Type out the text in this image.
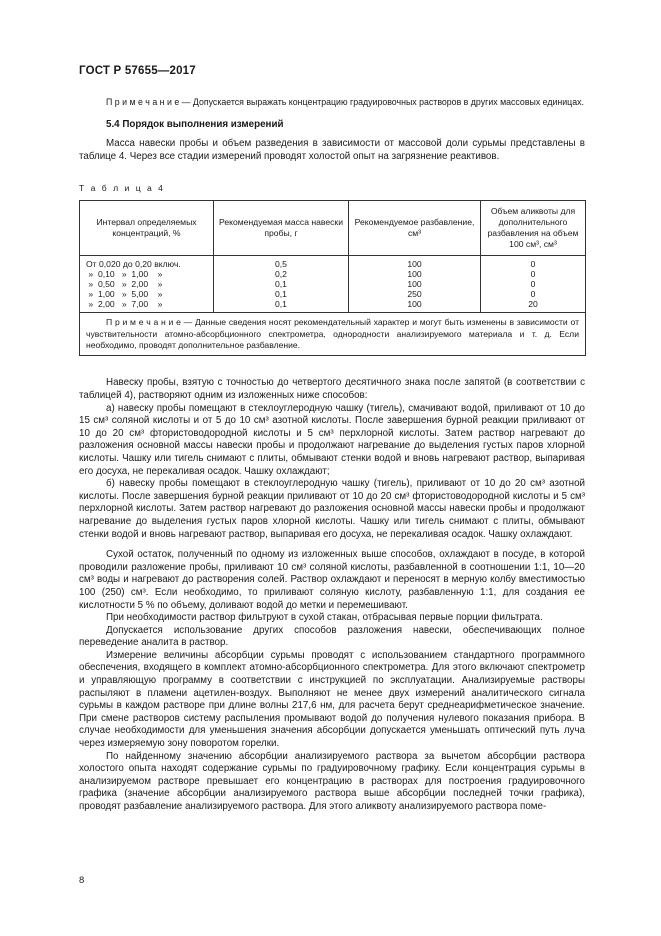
ГОСТ Р 57655—2017
П р и м е ч а н и е — Допускается выражать концентрацию градуировочных растворов в других массовых единицах.
5.4 Порядок выполнения измерений

Масса навески пробы и объем разведения в зависимости от массовой доли сурьмы представлены в таблице 4. Через все стадии измерений проводят холостой опыт на загрязнение реактивов.

Т а б л и ц а 4
Интервал определяемых концентраций, %	Рекомендуемая масса навески пробы, г	Рекомендуемое разбавление, см³	Объем аликвоты для дополнительного разбавления на объем 100 см³, см³
От 0,020 до 0,20 включ.	0,5	100	0
»  0,10   »  1,00    »	0,2	100	0
»  0,50   »  2,00    »	0,1	100	0
»  1,00   »  5,00    »	0,1	250	0
»  2,00   »  7,00    »	0,1	100	20
П р и м е ч а н и е — Данные сведения носят рекомендательный характер и могут быть изменены в зависимости от чувствительности атомно-абсорбционного спектрометра, однородности анализируемого материала и т. д. Если необходимо, проводят дополнительное разбавление.			

Навеску пробы, взятую с точностью до четвертого десятичного знака после запятой (в соответствии с таблицей 4), растворяют одним из изложенных ниже способов:

а) навеску пробы помещают в стеклоуглеродную чашку (тигель), смачивают водой, приливают от 10 до 15 см³ соляной кислоты и от 5 до 10 см³ азотной кислоты. После завершения бурной реакции приливают от 10 до 20 см³ фтористоводородной кислоты и 5 см³ перхлорной кислоты. Затем раствор нагревают до разложения основной массы навески пробы и продолжают нагревание до выделения густых паров хлорной кислоты. Чашку или тигель снимают с плиты, обмывают стенки водой и вновь нагревают раствор, выпаривая его досуха, не перекаливая осадок. Чашку охлаждают;

б) навеску пробы помещают в стеклоуглеродную чашку (тигель), приливают от 10 до 20 см³ азотной кислоты. После завершения бурной реакции приливают от 10 до 20 см³ фтористоводородной кислоты и 5 см³ перхлорной кислоты. Затем раствор нагревают до разложения основной массы навески пробы и продолжают нагревание до выделения густых паров хлорной кислоты. Чашку или тигель снимают с плиты, обмывают стенки водой и вновь нагревают раствор, выпаривая его досуха, не перекаливая осадок. Чашку охлаждают.

Сухой остаток, полученный по одному из изложенных выше способов, охлаждают в посуде, в которой проводили разложение пробы, приливают 10 см³ соляной кислоты, разбавленной в соотношении 1:1, 10—20 см³ воды и нагревают до растворения солей. Раствор охлаждают и переносят в мерную колбу вместимостью 100 (250) см³. Если необходимо, то приливают соляную кислоту, разбавленную 1:1, для создания ее кислотности 5 % по объему, доливают водой до метки и перемешивают.

При необходимости раствор фильтруют в сухой стакан, отбрасывая первые порции фильтрата.

Допускается использование других способов разложения навески, обеспечивающих полное переведение аналита в раствор.

Измерение величины абсорбции сурьмы проводят с использованием стандартного программного обеспечения, входящего в комплект атомно-абсорбционного спектрометра. Для этого включают спектрометр и управляющую программу в соответствии с инструкцией по эксплуатации. Анализируемые растворы распыляют в пламени ацетилен-воздух. Выполняют не менее двух измерений аналитического сигнала сурьмы в каждом растворе при длине волны 217,6 нм, для расчета берут среднеарифметическое значение. При смене растворов систему распыления промывают водой до получения нулевого показания прибора. В случае необходимости для уменьшения значения абсорбции допускается уменьшать оптический путь луча через измеряемую зону поворотом горелки.

По найденному значению абсорбции анализируемого раствора за вычетом абсорбции раствора холостого опыта находят содержание сурьмы по градуировочному графику. Если концентрация сурьмы в анализируемом растворе превышает его концентрацию в растворах для построения градуировочного графика (значение абсорбции анализируемого раствора выше абсорбции последней точки графика), проводят разбавление анализируемого раствора. Для этого аликвоту анализируемого раствора поме-

8
